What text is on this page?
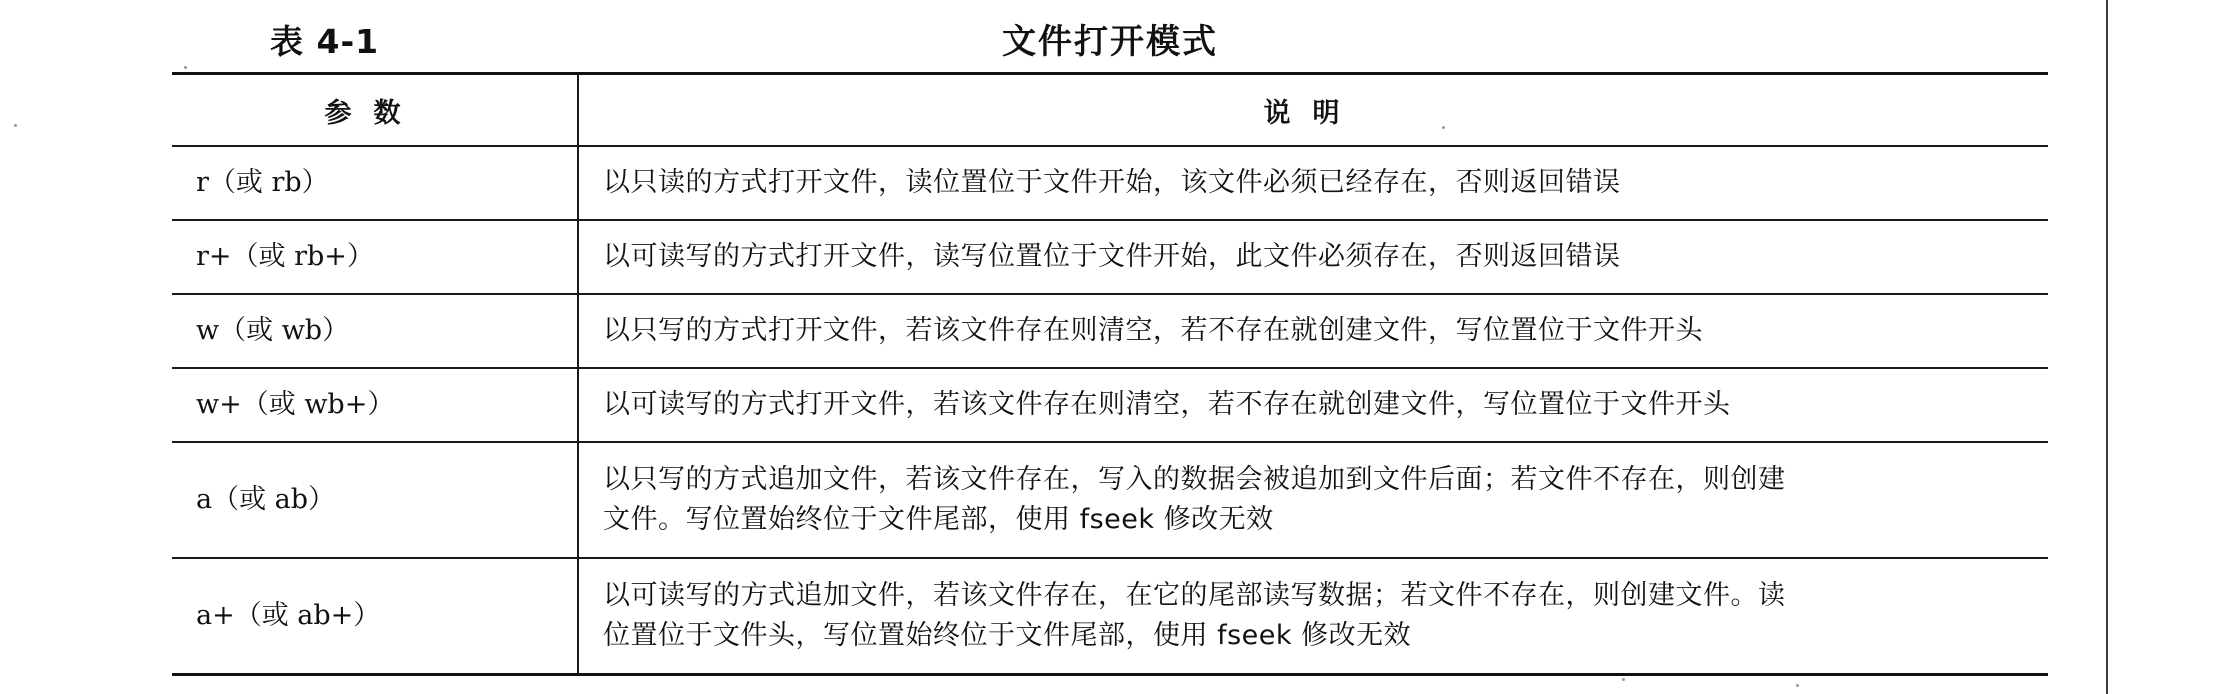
文件打开模式
表 4-1
参数	说明
r（或 rb）	以只读的方式打开文件，读位置位于文件开始，该文件必须已经存在，否则返回错误
r+（或 rb+）	以可读写的方式打开文件，读写位置位于文件开始，此文件必须存在，否则返回错误
w（或 wb）	以只写的方式打开文件，若该文件存在则清空，若不存在就创建文件，写位置位于文件开头
w+（或 wb+）	以可读写的方式打开文件，若该文件存在则清空，若不存在就创建文件，写位置位于文件开头
a（或 ab）	以只写的方式追加文件，若该文件存在，写入的数据会被追加到文件后面；若文件不存在，则创建
文件。写位置始终位于文件尾部，使用 fseek 修改无效

a+（或 ab+）	以可读写的方式追加文件，若该文件存在，在它的尾部读写数据；若文件不存在，则创建文件。读
位置位于文件头，写位置始终位于文件尾部，使用 fseek 修改无效
